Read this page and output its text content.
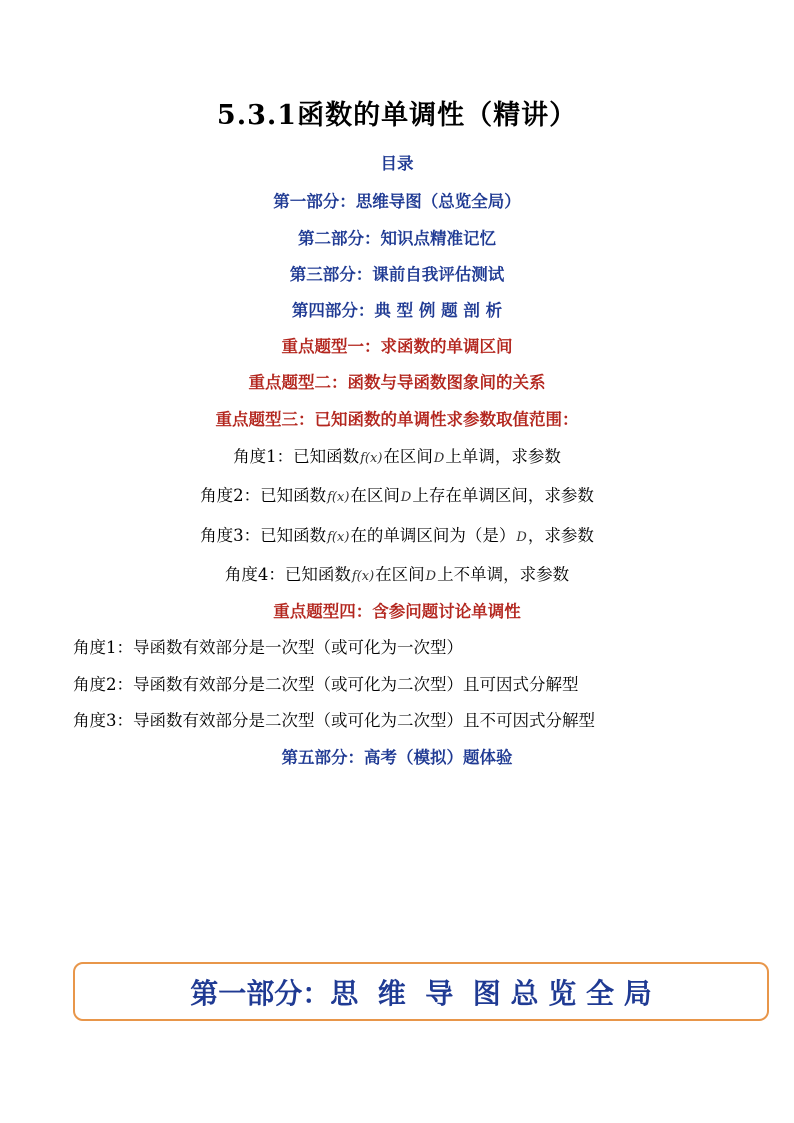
5.3.1函数的单调性（精讲）

目录

第一部分：思维导图（总览全局）

第二部分：知识点精准记忆

第三部分：课前自我评估测试

第四部分：典 型 例 题 剖 析

重点题型一：求函数的单调区间

重点题型二：函数与导函数图象间的关系

重点题型三：已知函数的单调性求参数取值范围：

角度1：已知函数f(x)在区间D上单调，求参数

角度2：已知函数f(x)在区间D上存在单调区间，求参数

角度3：已知函数f(x)在的单调区间为（是）D，求参数

角度4：已知函数f(x)在区间D上不单调，求参数

重点题型四：含参问题讨论单调性

角度1：导函数有效部分是一次型（或可化为一次型）

角度2：导函数有效部分是二次型（或可化为二次型）且可因式分解型

角度3：导函数有效部分是二次型（或可化为二次型）且不可因式分解型

第五部分：高考（模拟）题体验

第一部分：思  维  导  图 总 览 全 局
